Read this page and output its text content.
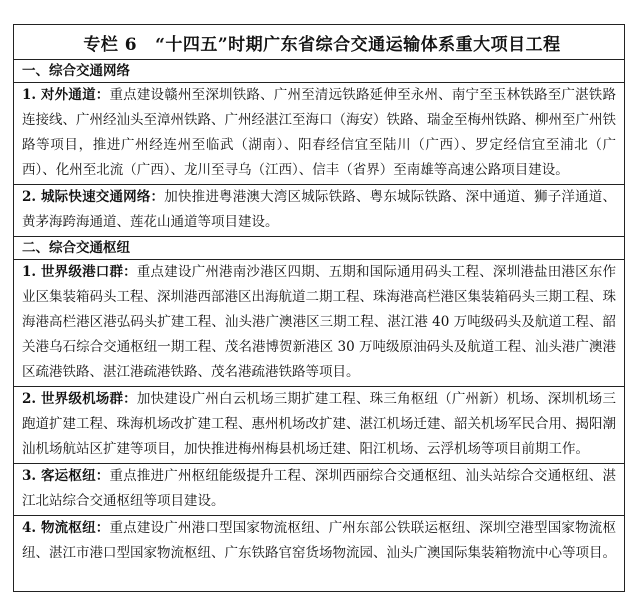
专栏 6 “十四五”时期广东省综合交通运输体系重大项目工程
一、综合交通网络
1. 对外通道：重点建设赣州至深圳铁路、广州至清远铁路延伸至永州、南宁至玉林铁路至广湛铁路连接线、广州经汕头至漳州铁路、广州经湛江至海口（海安）铁路、瑞金至梅州铁路、柳州至广州铁路等项目，推进广州经连州至临武（湖南）、阳春经信宜至陆川（广西）、罗定经信宜至浦北（广西）、化州至北流（广西）、龙川至寻乌（江西）、信丰（省界）至南雄等高速公路项目建设。
2. 城际快速交通网络：加快推进粤港澳大湾区城际铁路、粤东城际铁路、深中通道、狮子洋通道、黄茅海跨海通道、莲花山通道等项目建设。
二、综合交通枢纽
1. 世界级港口群：重点建设广州港南沙港区四期、五期和国际通用码头工程、深圳港盐田港区东作业区集装箱码头工程、深圳港西部港区出海航道二期工程、珠海港高栏港区集装箱码头三期工程、珠海港高栏港区港弘码头扩建工程、汕头港广澳港区三期工程、湛江港 40 万吨级码头及航道工程、韶关港乌石综合交通枢纽一期工程、茂名港博贺新港区 30 万吨级原油码头及航道工程、汕头港广澳港区疏港铁路、湛江港疏港铁路、茂名港疏港铁路等项目。
2. 世界级机场群：加快建设广州白云机场三期扩建工程、珠三角枢纽（广州新）机场、深圳机场三跑道扩建工程、珠海机场改扩建工程、惠州机场改扩建、湛江机场迁建、韶关机场军民合用、揭阳潮汕机场航站区扩建等项目，加快推进梅州梅县机场迁建、阳江机场、云浮机场等项目前期工作。
3. 客运枢纽：重点推进广州枢纽能级提升工程、深圳西丽综合交通枢纽、汕头站综合交通枢纽、湛江北站综合交通枢纽等项目建设。
4. 物流枢纽：重点建设广州港口型国家物流枢纽、广州东部公铁联运枢纽、深圳空港型国家物流枢纽、湛江市港口型国家物流枢纽、广东铁路官窑货场物流园、汕头广澳国际集装箱物流中心等项目。
